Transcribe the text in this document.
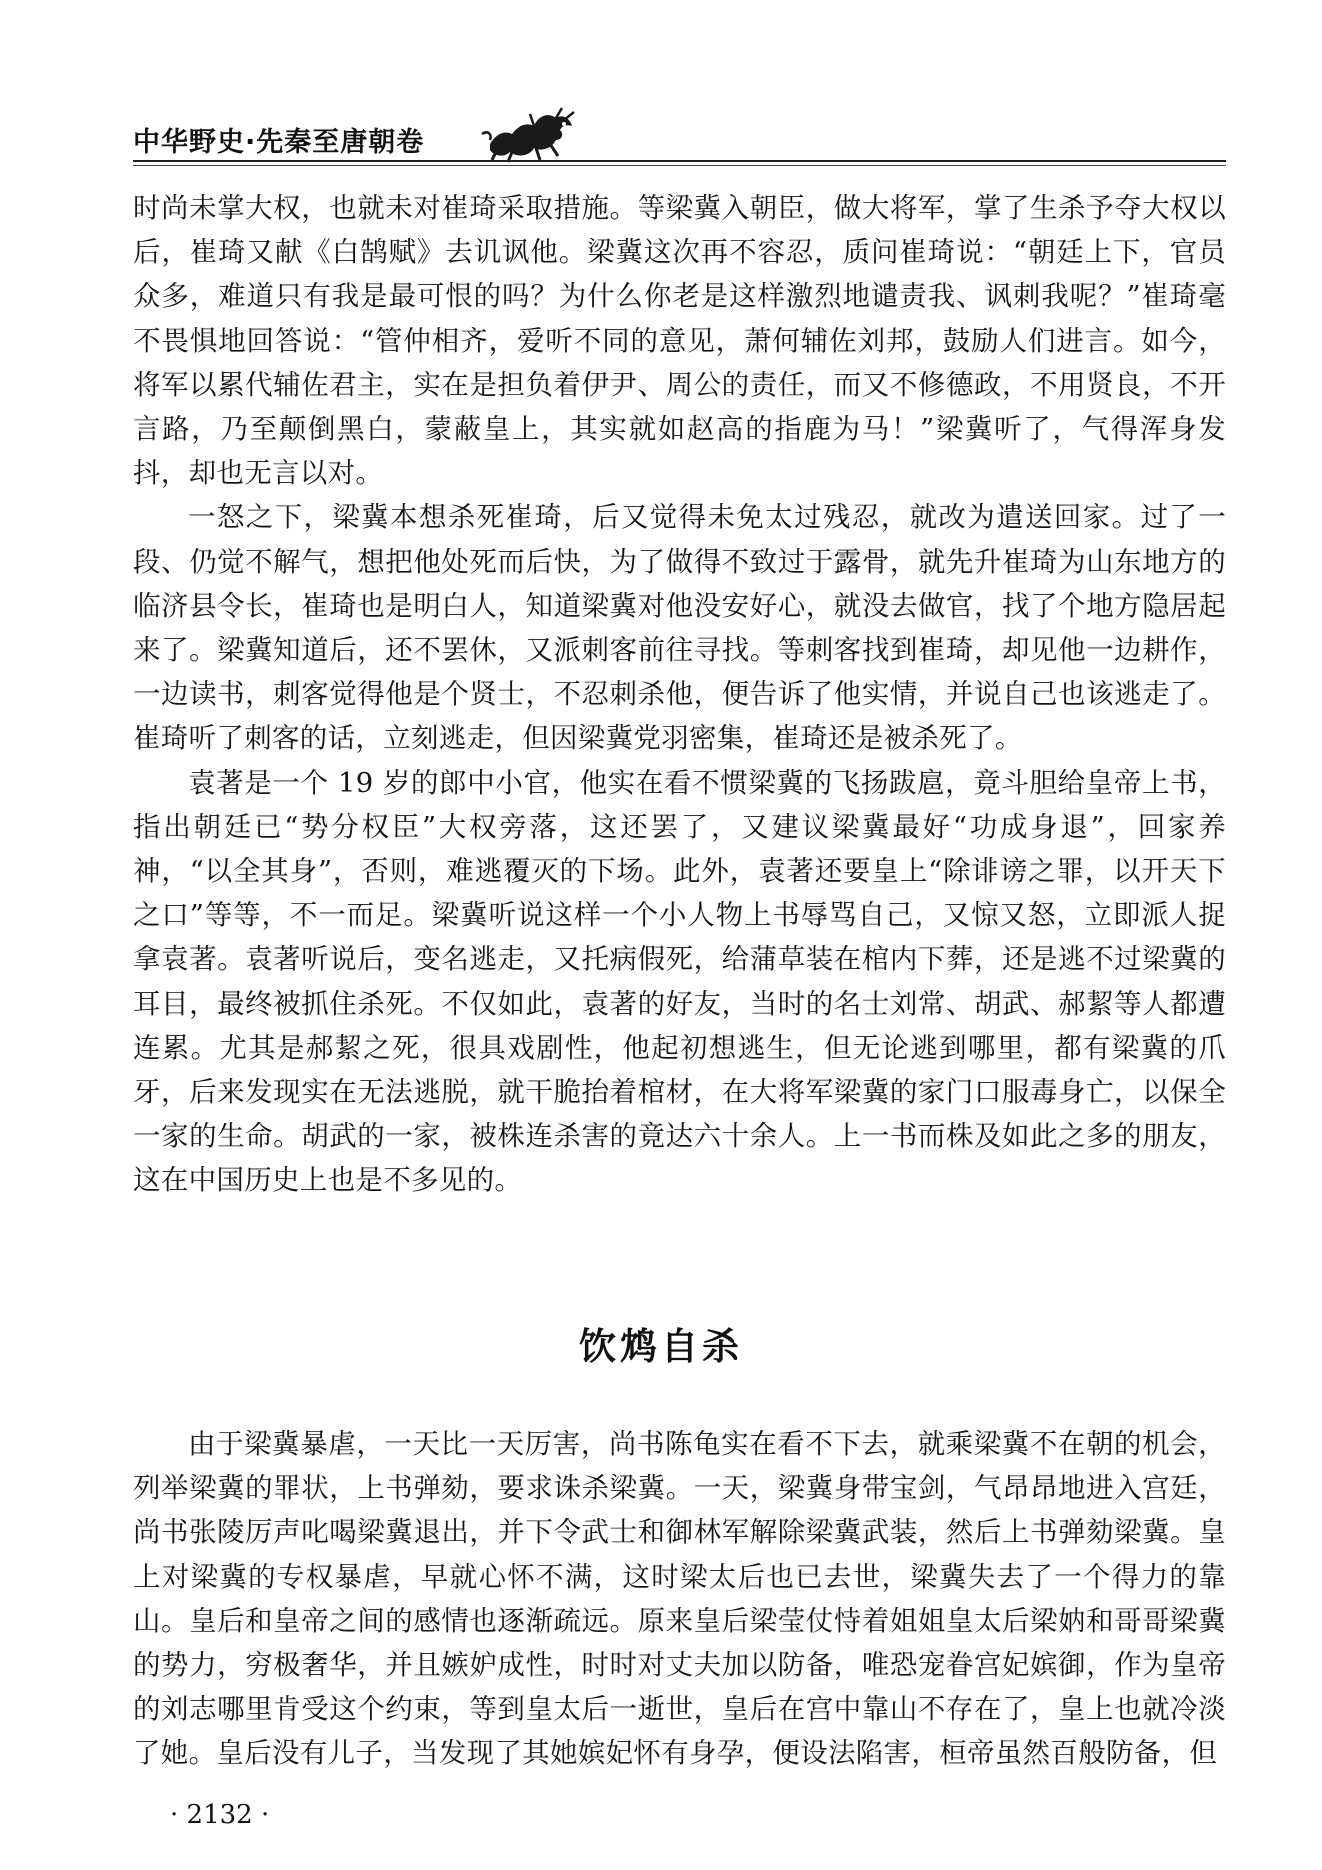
中华野史·先秦至唐朝卷

时尚未掌大权，也就未对崔琦采取措施。等梁冀入朝臣，做大将军，掌了生杀予夺大权以后，崔琦又献《白鹄赋》去讥讽他。梁冀这次再不容忍，质问崔琦说：“朝廷上下，官员众多，难道只有我是最可恨的吗？为什么你老是这样激烈地谴责我、讽刺我呢？”崔琦毫不畏惧地回答说：“管仲相齐，爱听不同的意见，萧何辅佐刘邦，鼓励人们进言。如今，将军以累代辅佐君主，实在是担负着伊尹、周公的责任，而又不修德政，不用贤良，不开言路，乃至颠倒黑白，蒙蔽皇上，其实就如赵高的指鹿为马！”梁冀听了，气得浑身发抖，却也无言以对。

一怒之下，梁冀本想杀死崔琦，后又觉得未免太过残忍，就改为遣送回家。过了一段、仍觉不解气，想把他处死而后快，为了做得不致过于露骨，就先升崔琦为山东地方的临济县令长，崔琦也是明白人，知道梁冀对他没安好心，就没去做官，找了个地方隐居起来了。梁冀知道后，还不罢休，又派刺客前往寻找。等刺客找到崔琦，却见他一边耕作，一边读书，刺客觉得他是个贤士，不忍刺杀他，便告诉了他实情，并说自己也该逃走了。崔琦听了刺客的话，立刻逃走，但因梁冀党羽密集，崔琦还是被杀死了。

袁著是一个 19 岁的郎中小官，他实在看不惯梁冀的飞扬跋扈，竟斗胆给皇帝上书，指出朝廷已“势分权臣”大权旁落，这还罢了，又建议梁冀最好“功成身退”，回家养神，“以全其身”，否则，难逃覆灭的下场。此外，袁著还要皇上“除诽谤之罪，以开天下之口”等等，不一而足。梁冀听说这样一个小人物上书辱骂自己，又惊又怒，立即派人捉拿袁著。袁著听说后，变名逃走，又托病假死，给蒲草装在棺内下葬，还是逃不过梁冀的耳目，最终被抓住杀死。不仅如此，袁著的好友，当时的名士刘常、胡武、郝絜等人都遭连累。尤其是郝絜之死，很具戏剧性，他起初想逃生，但无论逃到哪里，都有梁冀的爪牙，后来发现实在无法逃脱，就干脆抬着棺材，在大将军梁冀的家门口服毒身亡，以保全一家的生命。胡武的一家，被株连杀害的竟达六十余人。上一书而株及如此之多的朋友，这在中国历史上也是不多见的。

饮鸩自杀

由于梁冀暴虐，一天比一天厉害，尚书陈龟实在看不下去，就乘梁冀不在朝的机会，列举梁冀的罪状，上书弹劾，要求诛杀梁冀。一天，梁冀身带宝剑，气昂昂地进入宫廷，尚书张陵厉声叱喝梁冀退出，并下令武士和御林军解除梁冀武装，然后上书弹劾梁冀。皇上对梁冀的专权暴虐，早就心怀不满，这时梁太后也已去世，梁冀失去了一个得力的靠山。皇后和皇帝之间的感情也逐渐疏远。原来皇后梁莹仗恃着姐姐皇太后梁妠和哥哥梁冀的势力，穷极奢华，并且嫉妒成性，时时对丈夫加以防备，唯恐宠眷宫妃嫔御，作为皇帝的刘志哪里肯受这个约束，等到皇太后一逝世，皇后在宫中靠山不存在了，皇上也就冷淡了她。皇后没有儿子，当发现了其她嫔妃怀有身孕，便设法陷害，桓帝虽然百般防备，但

· 2132 ·
